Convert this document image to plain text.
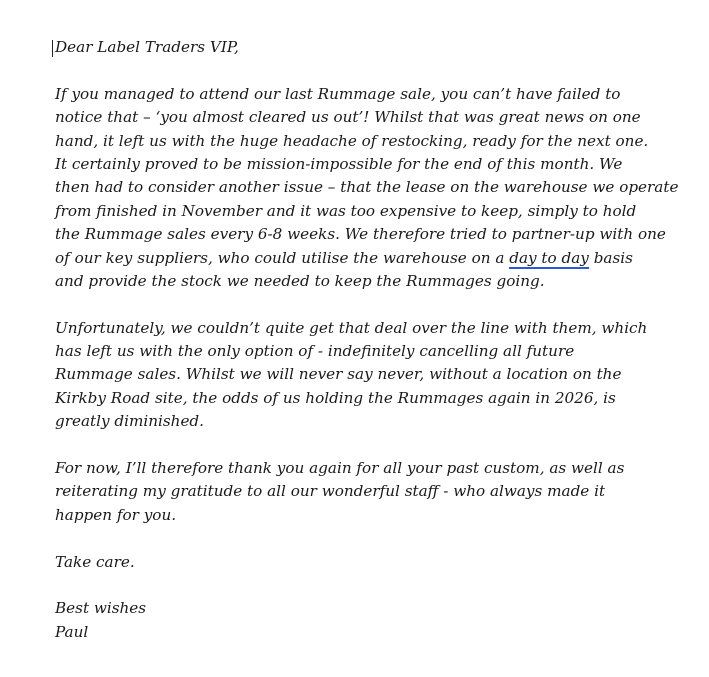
Dear Label Traders VIP,
If you managed to attend our last Rummage sale, you can’t have failed to
notice that – ‘you almost cleared us out’! Whilst that was great news on one
hand, it left us with the huge headache of restocking, ready for the next one.
It certainly proved to be mission-impossible for the end of this month. We
then had to consider another issue – that the lease on the warehouse we operate
from finished in November and it was too expensive to keep, simply to hold
the Rummage sales every 6-8 weeks. We therefore tried to partner-up with one
of our key suppliers, who could utilise the warehouse on a day to day basis
and provide the stock we needed to keep the Rummages going.
Unfortunately, we couldn’t quite get that deal over the line with them, which
has left us with the only option of - indefinitely cancelling all future
Rummage sales. Whilst we will never say never, without a location on the
Kirkby Road site, the odds of us holding the Rummages again in 2026, is
greatly diminished.
For now, I’ll therefore thank you again for all your past custom, as well as
reiterating my gratitude to all our wonderful staff - who always made it
happen for you.
Take care.
Best wishes
Paul
